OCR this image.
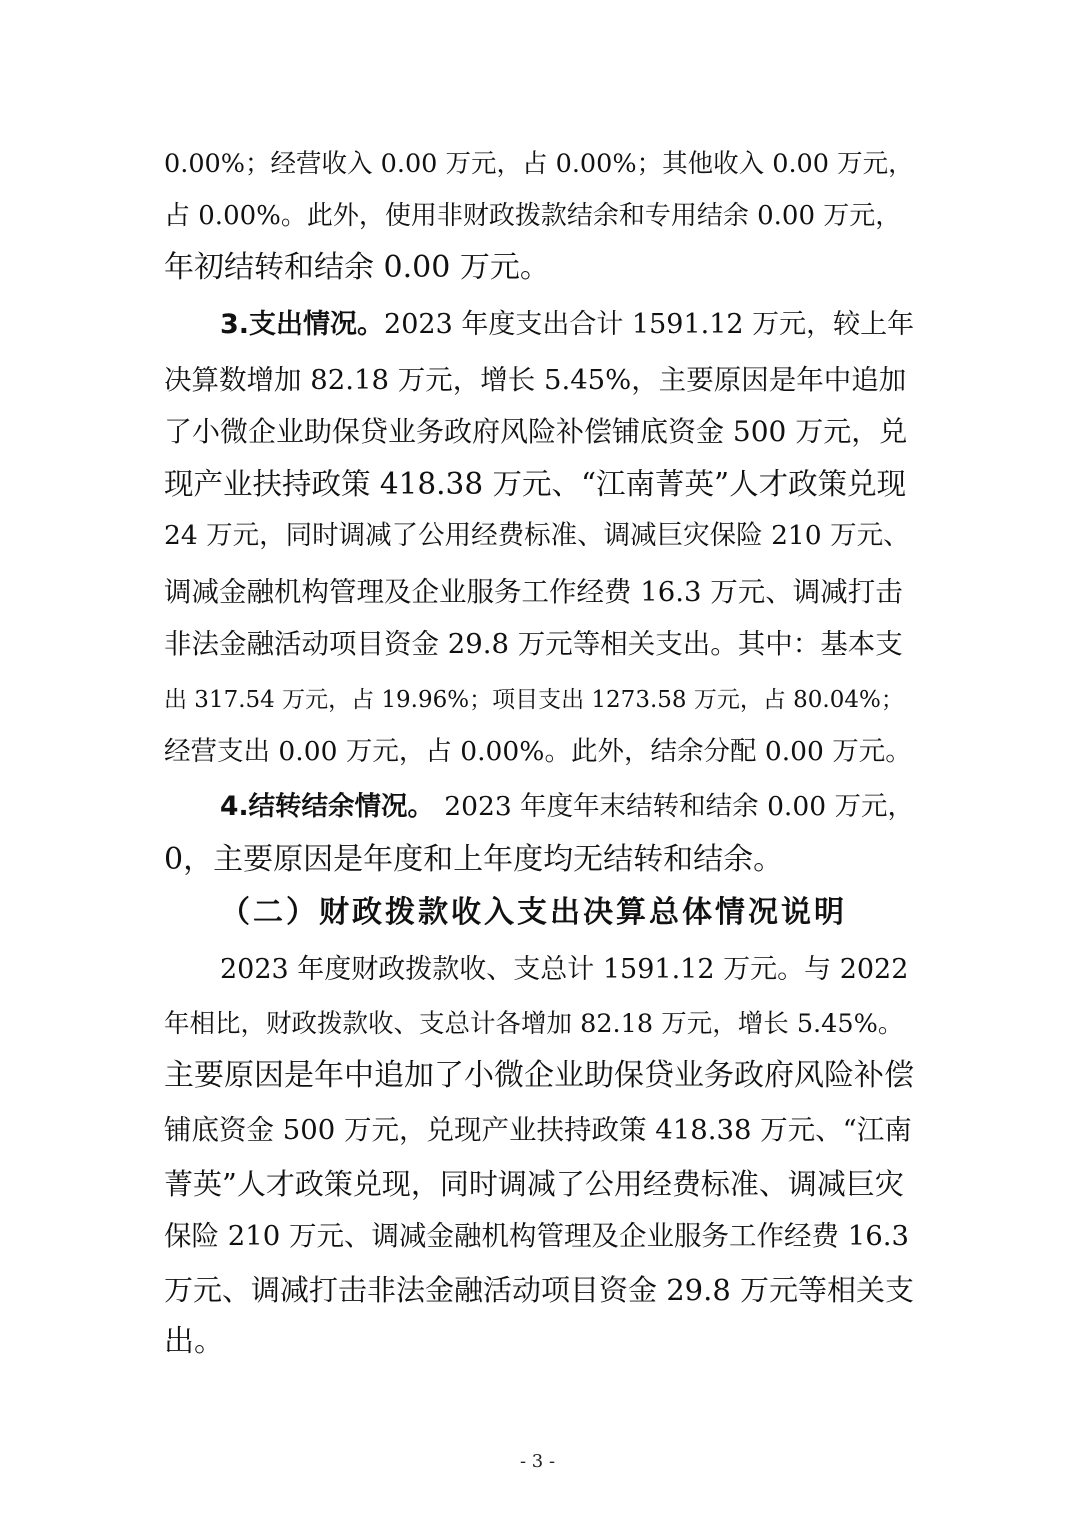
0.00%；经营收入 0.00 万元，占 0.00%；其他收入 0.00 万元，
占 0.00%。此外，使用非财政拨款结余和专用结余 0.00 万元，
年初结转和结余 0.00 万元。
3.支出情况。 2023 年度支出合计 1591.12 万元，较上年
决算数增加 82.18 万元，增长 5.45%，主要原因是年中追加
了小微企业助保贷业务政府风险补偿铺底资金 500 万元，兑
现产业扶持政策 418.38 万元、“江南菁英”人才政策兑现
24 万元，同时调减了公用经费标准、调减巨灾保险 210 万元、
调减金融机构管理及企业服务工作经费 16.3 万元、调减打击
非法金融活动项目资金 29.8 万元等相关支出。其中：基本支
出 317.54 万元，占 19.96%；项目支出 1273.58 万元，占 80.04%；
经营支出 0.00 万元，占 0.00%。此外，结余分配 0.00 万元。
4.结转结余情况。 2023 年度年末结转和结余 0.00 万元，
0，主要原因是年度和上年度均无结转和结余。
（二）财政拨款收入支出决算总体情况说明
2023 年度财政拨款收、支总计 1591.12 万元。与 2022
年相比，财政拨款收、支总计各增加 82.18 万元，增长 5.45%。
主要原因是年中追加了小微企业助保贷业务政府风险补偿
铺底资金 500 万元，兑现产业扶持政策 418.38 万元、“江南
菁英”人才政策兑现，同时调减了公用经费标准、调减巨灾
保险 210 万元、调减金融机构管理及企业服务工作经费 16.3
万元、调减打击非法金融活动项目资金 29.8 万元等相关支
出。
- 3 -
